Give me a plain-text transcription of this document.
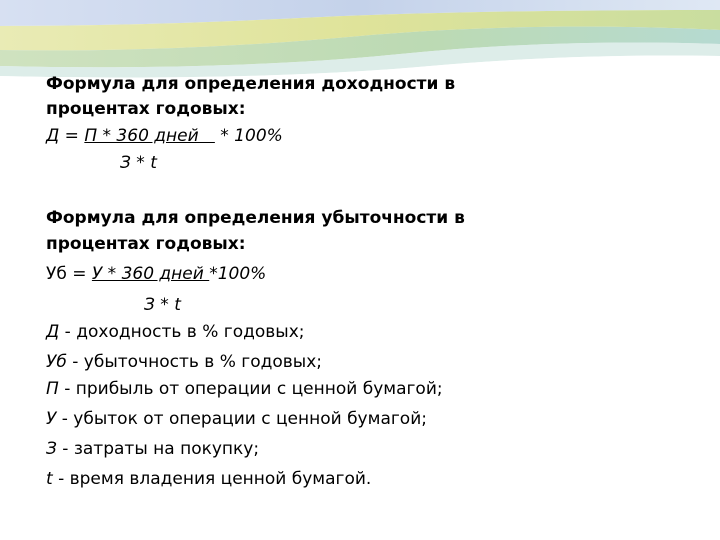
Формула для определения доходности в
процентах годовых:
Д = П * 360 дней    * 100%
З * t
Формула для определения убыточности в
процентах годовых:
Уб = У * 360 дней *100%
З * t
Д - доходность в % годовых;
Уб - убыточность в % годовых;
П - прибыль от операции с ценной бумагой;
У - убыток от операции с ценной бумагой;
З - затраты на покупку;
t - время владения ценной бумагой.
